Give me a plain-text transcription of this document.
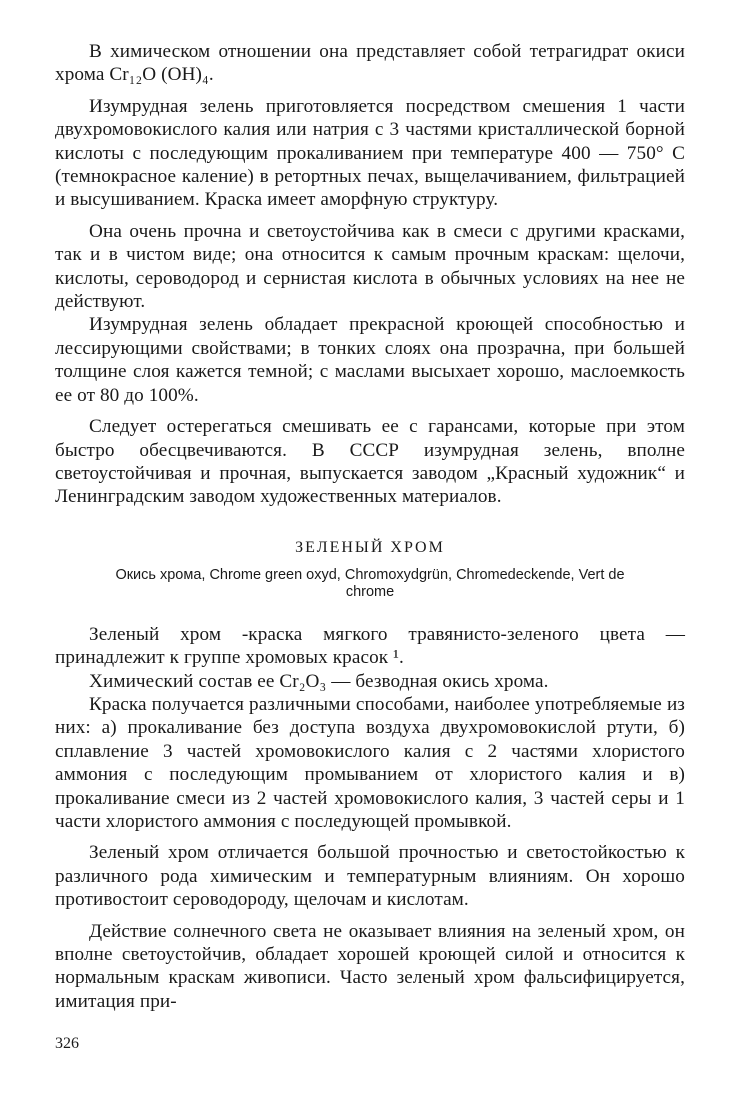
В химическом отношении она представляет собой тетрагидрат окиси хрома Cr₁₂O (OH)₄.

Изумрудная зелень приготовляется посредством смешения 1 части двухромовокислого калия или натрия с 3 частями кристаллической борной кислоты с последующим прокаливанием при температуре 400 — 750° С (темнокрасное каление) в ретортных печах, выщелачиванием, фильтрацией и высушиванием. Краска имеет аморфную структуру.

Она очень прочна и светоустойчива как в смеси с другими красками, так и в чистом виде; она относится к самым прочным краскам: щелочи, кислоты, сероводород и сернистая кислота в обычных условиях на нее не действуют.

Изумрудная зелень обладает прекрасной кроющей способностью и лессирующими свойствами; в тонких слоях она прозрачна, при большей толщине слоя кажется темной; с маслами высыхает хорошо, маслоемкость ее от 80 до 100%.

Следует остерегаться смешивать ее с гарансами, которые при этом быстро обесцвечиваются. В СССР изумрудная зелень, вполне светоустойчивая и прочная, выпускается заводом „Красный художник“ и Ленинградским заводом художественных материалов.

ЗЕЛЕНЫЙ ХРОМ
Окись хрома, Chrome green oxyd, Chromoxydgrün, Chromedeckende, Vert de chrome

Зеленый хром -краска мягкого травянисто-зеленого цвета — принадлежит к группе хромовых красок ¹.

Химический состав ее Cr₂O₃ — безводная окись хрома.

Краска получается различными способами, наиболее употребляемые из них: а) прокаливание без доступа воздуха двухромовокислой ртути, б) сплавление 3 частей хромовокислого калия с 2 частями хлористого аммония с последующим промыванием от хлористого калия и в) прокаливание смеси из 2 частей хромовокислого калия, 3 частей серы и 1 части хлористого аммония с последующей промывкой.

Зеленый хром отличается большой прочностью и светостойкостью к различного рода химическим и температурным влияниям. Он хорошо противостоит сероводороду, щелочам и кислотам.

Действие солнечного света не оказывает влияния на зеленый хром, он вполне светоустойчив, обладает хорошей кроющей силой и относится к нормальным краскам живописи. Часто зеленый хром фальсифицируется, имитация при-

326
